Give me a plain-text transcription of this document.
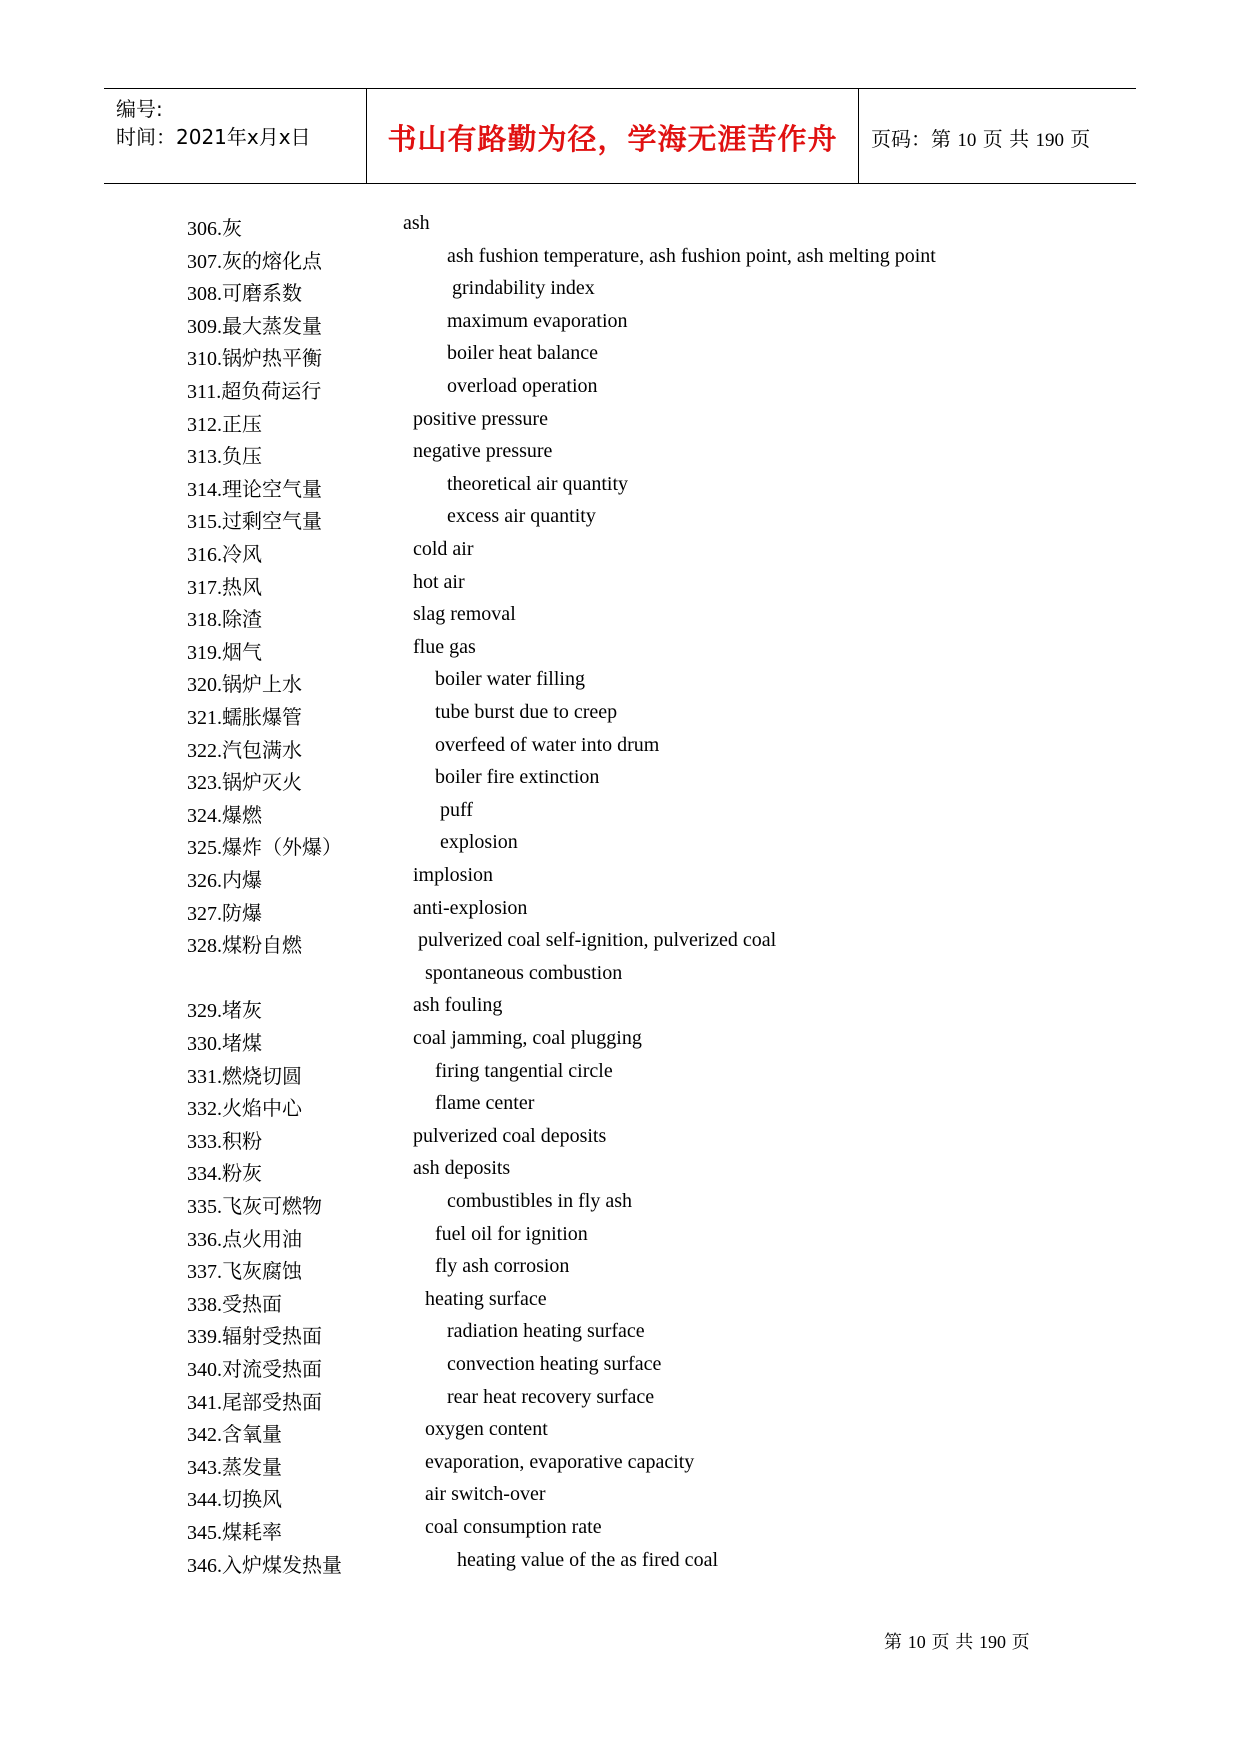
编号:
时间：2021年x月x日	书山有路勤为径，学海无涯苦作舟	页码：第 10 页 共 190 页
306.灰	ash
307.灰的熔化点	ash fushion temperature, ash fushion point, ash melting point
308.可磨系数	grindability index
309.最大蒸发量	maximum evaporation
310.锅炉热平衡	boiler heat balance
311.超负荷运行	overload operation
312.正压	positive pressure
313.负压	negative pressure
314.理论空气量	theoretical air quantity
315.过剩空气量	excess air quantity
316.冷风	cold air
317.热风	hot air
318.除渣	slag removal
319.烟气	flue gas
320.锅炉上水	boiler water filling
321.蠕胀爆管	tube burst due to creep
322.汽包满水	overfeed of water into drum
323.锅炉灭火	boiler fire extinction
324.爆燃	puff
325.爆炸（外爆）	explosion
326.内爆	implosion
327.防爆	anti-explosion
328.煤粉自燃	pulverized coal self-ignition, pulverized coal
spontaneous combustion
329.堵灰	ash fouling
330.堵煤	coal jamming, coal plugging
331.燃烧切圆	firing tangential circle
332.火焰中心	flame center
333.积粉	pulverized coal deposits
334.粉灰	ash deposits
335.飞灰可燃物	combustibles in fly ash
336.点火用油	fuel oil for ignition
337.飞灰腐蚀	fly ash corrosion
338.受热面	heating surface
339.辐射受热面	radiation heating surface
340.对流受热面	convection heating surface
341.尾部受热面	rear heat recovery surface
342.含氧量	oxygen content
343.蒸发量	evaporation, evaporative capacity
344.切换风	air switch-over
345.煤耗率	coal consumption rate
346.入炉煤发热量	heating value of the as fired coal
第 10 页 共 190 页
